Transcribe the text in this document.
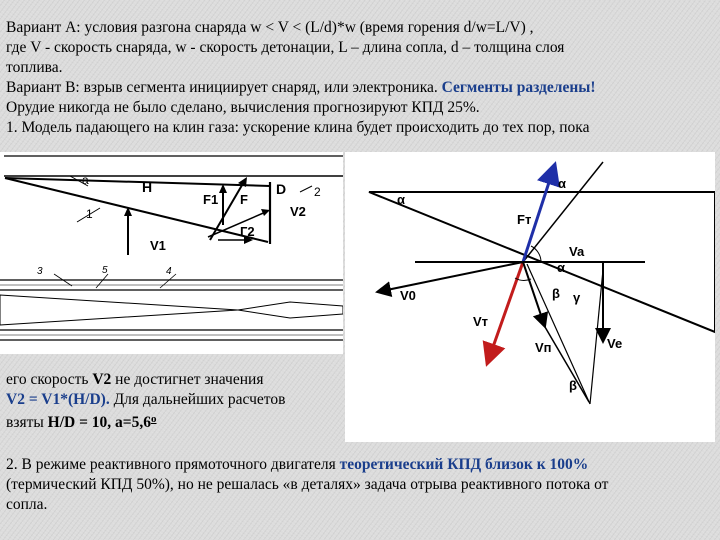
Вариант А: условия разгона снаряда w < V < (L/d)*w (время горения d/w=L/V) ,
где V - скорость снаряда, w - скорость детонации, L – длина сопла, d – толщина слоя
топлива.
Вариант В: взрыв сегмента инициирует снаряд, или электроника. Сегменты разделены!
Орудие никогда не было сделано, вычисления прогнозируют КПД 25%.
1. Модель падающего на клин газа: ускорение клина будет происходить до тех пор, пока
a	H	D
1
2
F1 F
V2
Г2
V1
3	5	4
его скорость V2 не достигнет значения
V2 = V1*(H/D). Для дальнейших расчетов
взяты H/D = 10, $a=5,6^o$
α
α
Fт
Va
α
β γ
V0
Vт
Vп	Ve
β
2. В режиме реактивного прямоточного двигателя теоретический КПД близок к 100%
(термический КПД 50%), но не решалась «в деталях» задача отрыва реактивного потока от
сопла.
